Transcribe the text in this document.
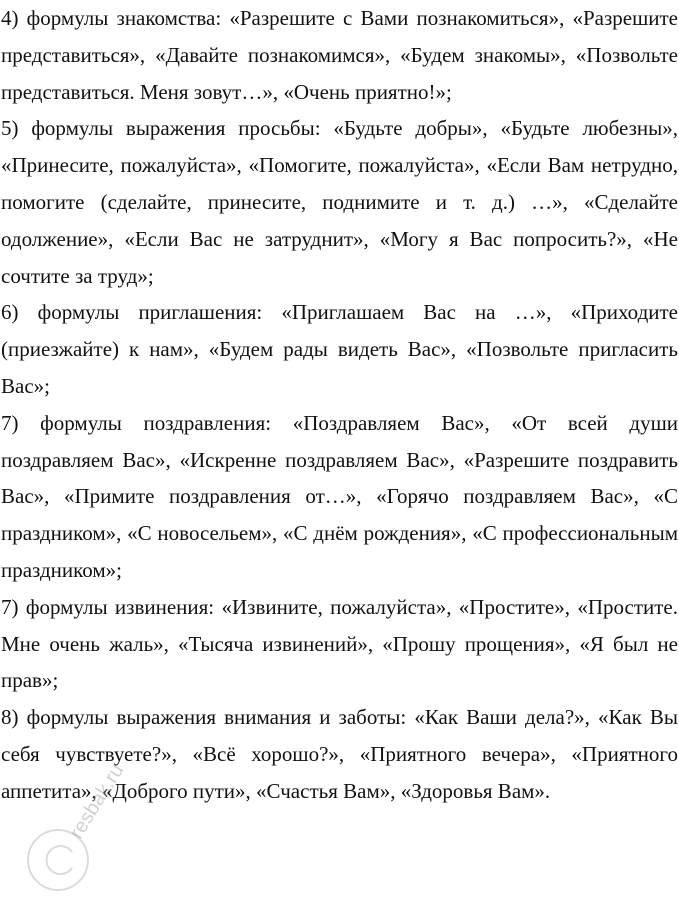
4) формулы знакомства: «Разрешите с Вами познакомиться», «Разрешите представиться», «Давайте познакомимся», «Будем знакомы», «Позвольте представиться. Меня зовут…», «Очень приятно!»;

5) формулы выражения просьбы: «Будьте добры», «Будьте любезны», «Принесите, пожалуйста», «Помогите, пожалуйста», «Если Вам нетрудно, помогите (сделайте, принесите, поднимите и т. д.) …», «Сделайте одолжение», «Если Вас не затруднит», «Могу я Вас попросить?», «Не сочтите за труд»;

6) формулы приглашения: «Приглашаем Вас на …», «Приходите (приезжайте) к нам», «Будем рады видеть Вас», «Позвольте пригласить Вас»;

7) формулы поздравления: «Поздравляем Вас», «От всей души поздравляем Вас», «Искренне поздравляем Вас», «Разрешите поздравить Вас», «Примите поздравления от…», «Горячо поздравляем Вас», «С праздником», «С новосельем», «С днём рождения», «С профессиональным праздником»;

7) формулы извинения: «Извините, пожалуйста», «Простите», «Простите. Мне очень жаль», «Тысяча извинений», «Прошу прощения», «Я был не прав»;

8) формулы выражения внимания и заботы: «Как Ваши дела?», «Как Вы себя чувствуете?», «Всё хорошо?», «Приятного вечера», «Приятного аппетита», «Доброго пути», «Счастья Вам», «Здоровья Вам».

resbak.ru
